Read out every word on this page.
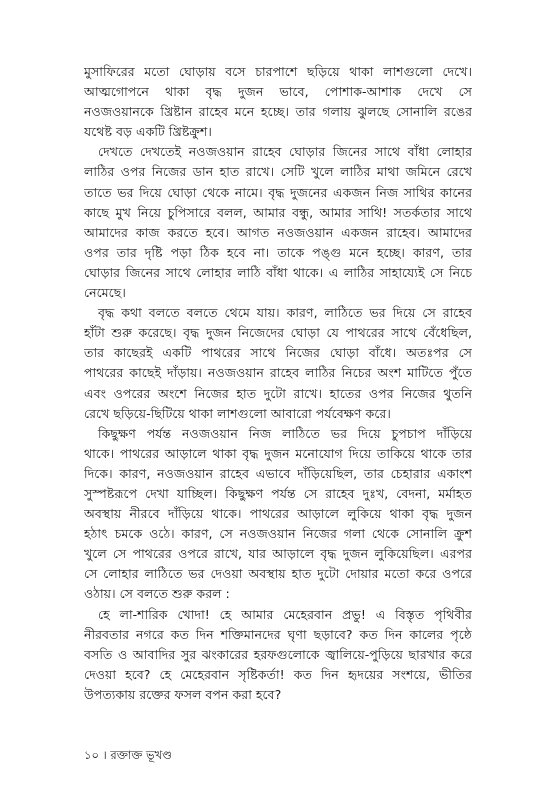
মুসাফিরের মতো ঘোড়ায় বসে চারপাশে ছড়িয়ে থাকা লাশগুলো দেখে।
আত্মগোপনে থাকা বৃদ্ধ দুজন ভাবে, পোশাক-আশাক দেখে সে
নওজওয়ানকে খ্রিষ্টান রাহেব মনে হচ্ছে। তার গলায় ঝুলছে সোনালি রঙের
যথেষ্ট বড় একটি খ্রিষ্টক্রুশ।
দেখতে দেখতেই নওজওয়ান রাহেব ঘোড়ার জিনের সাথে বাঁধা লোহার
লাঠির ওপর নিজের ডান হাত রাখে। সেটি খুলে লাঠির মাথা জমিনে রেখে
তাতে ভর দিয়ে ঘোড়া থেকে নামে। বৃদ্ধ দুজনের একজন নিজ সাথির কানের
কাছে মুখ নিয়ে চুপিসারে বলল, আমার বন্ধু, আমার সাথি! সতর্কতার সাথে
আমাদের কাজ করতে হবে। আগত নওজওয়ান একজন রাহেব। আমাদের
ওপর তার দৃষ্টি পড়া ঠিক হবে না। তাকে পঙ্গু মনে হচ্ছে। কারণ, তার
ঘোড়ার জিনের সাথে লোহার লাঠি বাঁধা থাকে। এ লাঠির সাহায্যেই সে নিচে
নেমেছে।
বৃদ্ধ কথা বলতে বলতে থেমে যায়। কারণ, লাঠিতে ভর দিয়ে সে রাহেব
হাঁটা শুরু করেছে। বৃদ্ধ দুজন নিজেদের ঘোড়া যে পাথরের সাথে বেঁধেছিল,
তার কাছেরই একটি পাথরের সাথে নিজের ঘোড়া বাঁধে। অতঃপর সে
পাথরের কাছেই দাঁড়ায়। নওজওয়ান রাহেব লাঠির নিচের অংশ মাটিতে পুঁতে
এবং ওপরের অংশে নিজের হাত দুটো রাখে। হাতের ওপর নিজের থুতনি
রেখে ছড়িয়ে-ছিটিয়ে থাকা লাশগুলো আবারো পর্যবেক্ষণ করে।
কিছুক্ষণ পর্যন্ত নওজওয়ান নিজ লাঠিতে ভর দিয়ে চুপচাপ দাঁড়িয়ে
থাকে। পাথরের আড়ালে থাকা বৃদ্ধ দুজন মনোযোগ দিয়ে তাকিয়ে থাকে তার
দিকে। কারণ, নওজওয়ান রাহেব এভাবে দাঁড়িয়েছিল, তার চেহারার একাংশ
সুস্পষ্টরূপে দেখা যাচ্ছিল। কিছুক্ষণ পর্যন্ত সে রাহেব দুঃখ, বেদনা, মর্মাহত
অবস্থায় নীরবে দাঁড়িয়ে থাকে। পাথরের আড়ালে লুকিয়ে থাকা বৃদ্ধ দুজন
হঠাৎ চমকে ওঠে। কারণ, সে নওজওয়ান নিজের গলা থেকে সোনালি ক্রুশ
খুলে সে পাথরের ওপরে রাখে, যার আড়ালে বৃদ্ধ দুজন লুকিয়েছিল। এরপর
সে লোহার লাঠিতে ভর দেওয়া অবস্থায় হাত দুটো দোয়ার মতো করে ওপরে
ওঠায়। সে বলতে শুরু করল :
হে লা-শারিক খোদা! হে আমার মেহেরবান প্রভু! এ বিস্তৃত পৃথিবীর
নীরবতার নগরে কত দিন শক্তিমানদের ঘৃণা ছড়াবে? কত দিন কালের পৃষ্ঠে
বসতি ও আবাদির সুর ঝংকারের হরফগুলোকে জ্বালিয়ে-পুড়িয়ে ছারখার করে
দেওয়া হবে? হে মেহেরবান সৃষ্টিকর্তা! কত দিন হৃদয়ের সংশয়ে, ভীতির
উপত্যকায় রক্তের ফসল বপন করা হবে?
১০ । রক্তাক্ত ভূখণ্ড
